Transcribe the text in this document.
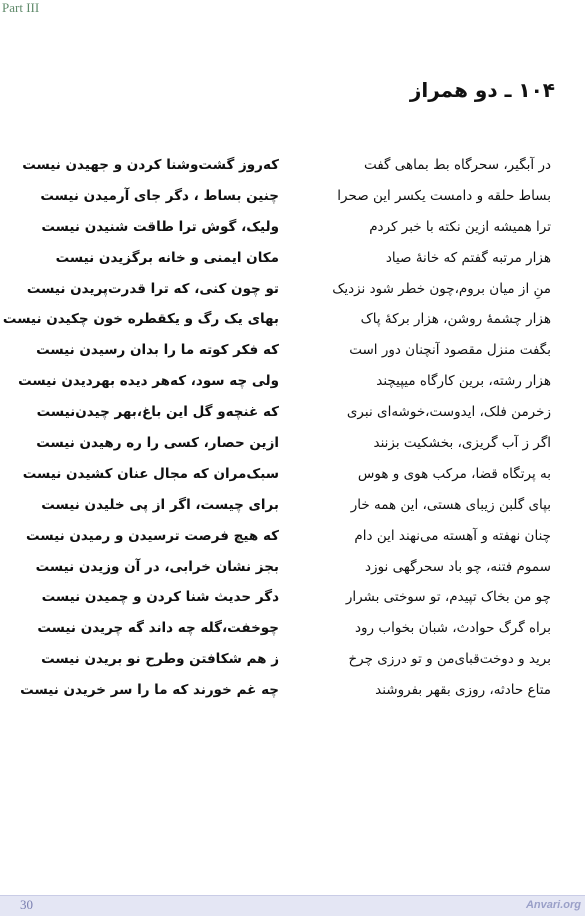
Part III
۱۰۴ ـ دو همراز
در آبگیر، سحرگاه بط بماهی گفت
بساط حلقه و دامست یکسر این صحرا
ترا همیشه ازین نکته با خبر کردم
هزار مرتبه گفتم که خانهٔ صیاد
منِ از میان بروم،چون خطر شود نزدیک
هزار چشمهٔ روشن، هزار برکهٔ پاک
بگفت منزل مقصود آنچنان دور است
هزار رشته، برین کارگاه میپیچند
زخرمن فلک، ایدوست،خوشه‌ای نبری
اگر ز آب گریزی، بخشکیت بزنند
به پرتگاه قضا، مرکب هوی و هوس
بپای گلبن زیبای هستی، این همه خار
چنان نهفته و آهسته می‌نهند این دام
سموم فتنه، چو باد سحرگهی نوزد
چو من بخاک تپیدم، تو سوختی بشرار
براه گرگ حوادث، شبان بخواب رود
برید و دوخت‌قبای‌من و تو درزی چرخ
متاع حادثه، روزی بقهر بفروشند
که‌روز گشت‌وشنا کردن و جهیدن نیست
چنین بساط ، دگر جای آرمیدن نیست
ولیک، گوش ترا طاقت شنیدن نیست
مکان ایمنی و خانه برگزیدن نیست
تو چون کنی، که ترا قدرت‌پریدن نیست
بهای یک رگ و یکقطره خون چکیدن نیست
که فکر کوته ما را بدان رسیدن نیست
ولی چه سود، که‌هر دیده بهردیدن نیست
که غنچه‌و گل این باغ،بهر چیدن‌نیست
ازین حصار، کسی را ره رهیدن نیست
سبک‌مران که مجال عنان کشیدن نیست
برای چیست، اگر از پی خلیدن نیست
که هیچ فرصت ترسیدن و رمیدن نیست
بجز نشان خرابی، در آن وزیدن نیست
دگر حدیث شنا کردن و چمیدن نیست
چوخفت،گله چه داند گه چریدن نیست
ز هم شکافتن وطرح نو بریدن نیست
چه غم خورند که ما را سر خریدن نیست
30	Anvari.org
